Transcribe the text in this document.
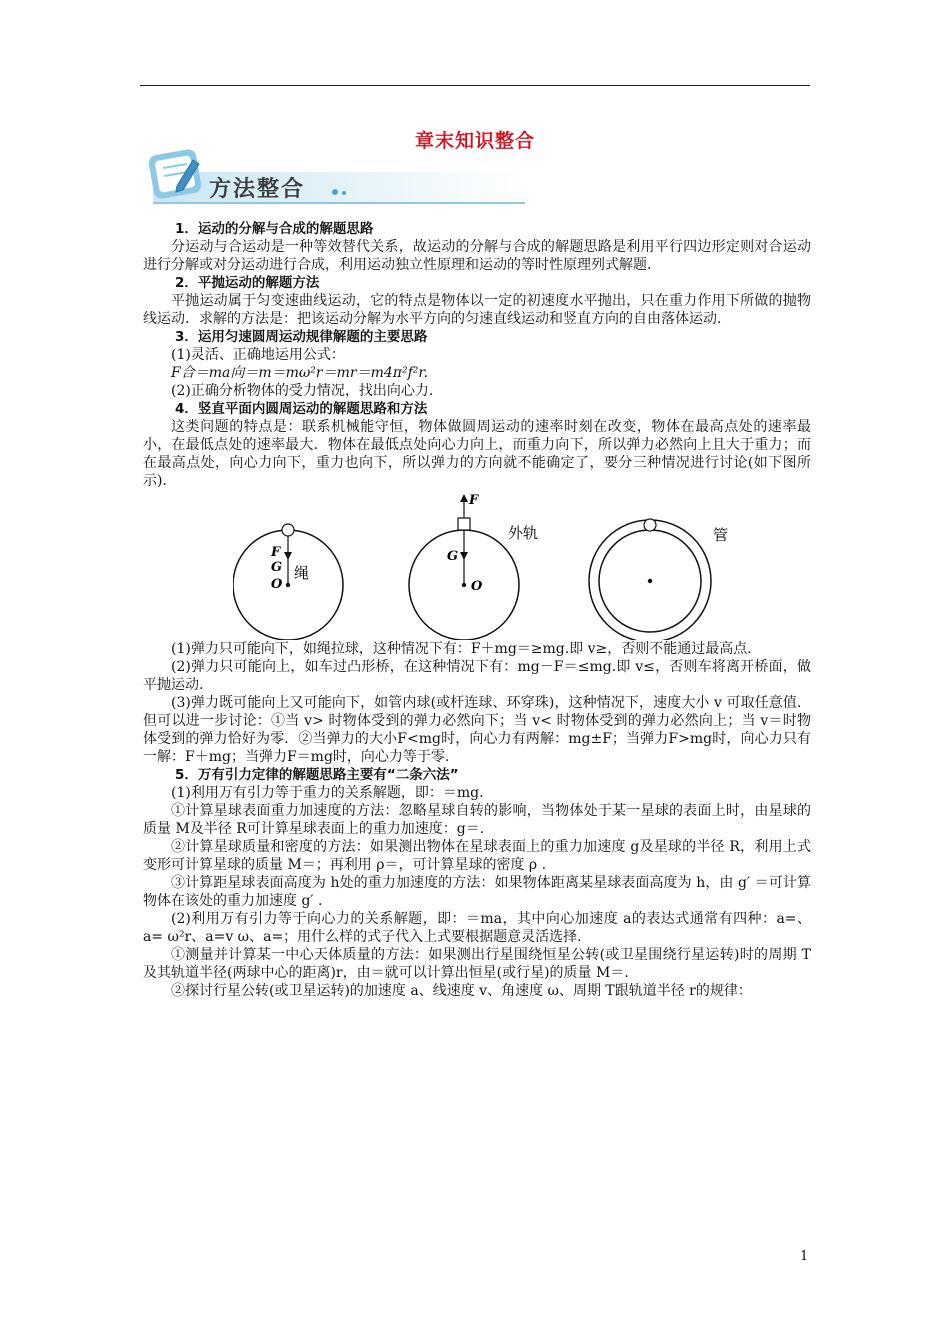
章末知识整合
方法整合

1．运动的分解与合成的解题思路

分运动与合运动是一种等效替代关系，故运动的分解与合成的解题思路是利用平行四边形定则对合运动进行分解或对分运动进行合成，利用运动独立性原理和运动的等时性原理列式解题.

2．平抛运动的解题方法

平抛运动属于匀变速曲线运动，它的特点是物体以一定的初速度水平抛出，只在重力作用下所做的抛物线运动．求解的方法是：把该运动分解为水平方向的匀速直线运动和竖直方向的自由落体运动.

3．运用匀速圆周运动规律解题的主要思路

(1)灵活、正确地运用公式：

F合＝ma向＝m＝mω²r＝mr＝m4π²f²r.

(2)正确分析物体的受力情况，找出向心力.

4．竖直平面内圆周运动的解题思路和方法

这类问题的特点是：联系机械能守恒，物体做圆周运动的速率时刻在改变，物体在最高点处的速率最小，在最低点处的速率最大．物体在最低点处向心力向上，而重力向下，所以弹力必然向上且大于重力；而在最高点处，向心力向下，重力也向下，所以弹力的方向就不能确定了，要分三种情况进行讨论(如下图所示)．

F
G
O
绳
F
G
O
外轨	管

(1)弹力只可能向下，如绳拉球，这种情况下有：F＋mg＝≥mg.即 v≥，否则不能通过最高点.

(2)弹力只可能向上，如车过凸形桥，在这种情况下有：mg－F＝≤mg.即 v≤，否则车将离开桥面，做平抛运动.

(3)弹力既可能向上又可能向下，如管内球(或杆连球、环穿珠)，这种情况下，速度大小 v 可取任意值．但可以进一步讨论：①当 v> 时物体受到的弹力必然向下；当 v< 时物体受到的弹力必然向上；当 v＝时物体受到的弹力恰好为零．②当弹力的大小F<mg时，向心力有两解：mg±F；当弹力F>mg时，向心力只有一解：F＋mg；当弹力F＝mg时，向心力等于零.

5．万有引力定律的解题思路主要有“二条六法”

(1)利用万有引力等于重力的关系解题，即：＝mg.

①计算星球表面重力加速度的方法：忽略星球自转的影响，当物体处于某一星球的表面上时，由星球的质量 M及半径 R可计算星球表面上的重力加速度：g＝.

②计算星球质量和密度的方法：如果测出物体在星球表面上的重力加速度 g及星球的半径 R，利用上式变形可计算星球的质量 M＝；再利用 ρ＝，可计算星球的密度 ρ .

③计算距星球表面高度为 h处的重力加速度的方法：如果物体距离某星球表面高度为 h，由 g′ ＝可计算物体在该处的重力加速度 g′ .

(2)利用万有引力等于向心力的关系解题，即：＝ma，其中向心加速度 a的表达式通常有四种：a=、a= ω²r、a=v ω、a=；用什么样的式子代入上式要根据题意灵活选择.

①测量并计算某一中心天体质量的方法：如果测出行星围绕恒星公转(或卫星围绕行星运转)时的周期 T及其轨道半径(两球中心的距离)r，由＝就可以计算出恒星(或行星)的质量 M＝.

②探讨行星公转(或卫星运转)的加速度 a、线速度 v、角速度 ω、周期 T跟轨道半径 r的规律：

1
